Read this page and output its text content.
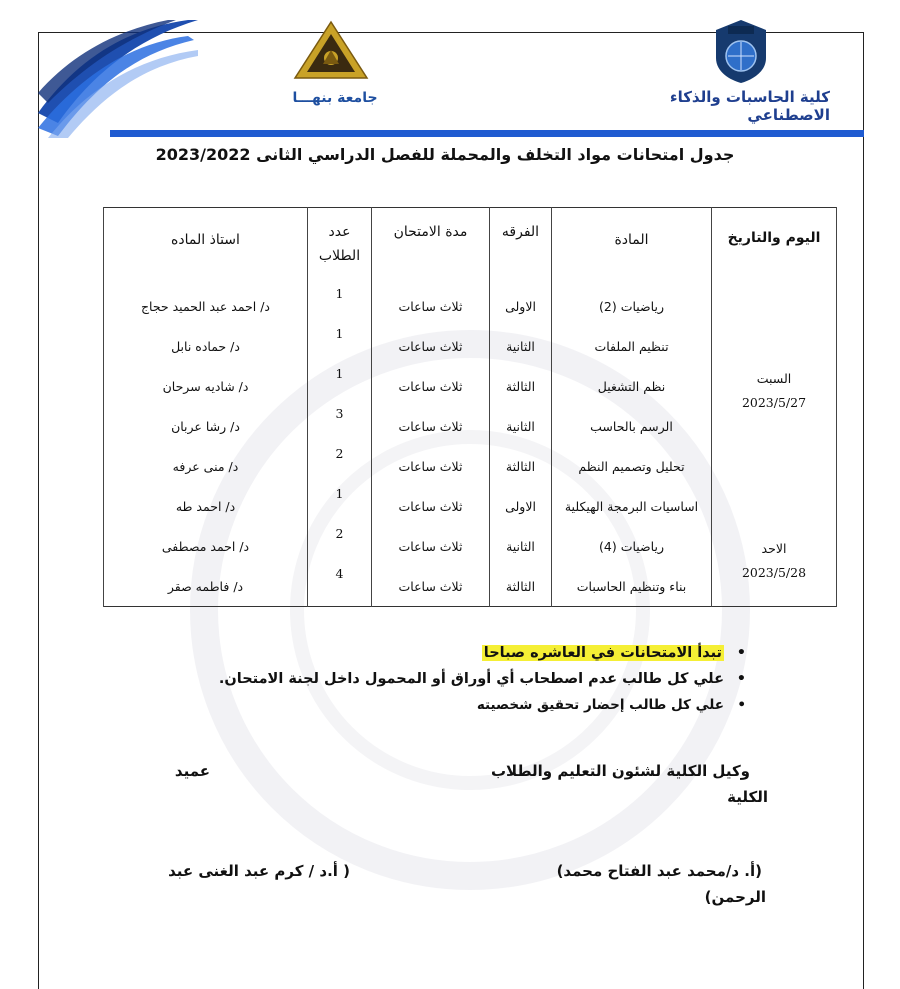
جامعة بنهـــا	كلية الحاسبات والذكاء الاصطناعي
جدول امتحانات مواد التخلف والمحملة للفصل الدراسي الثانى 2023/2022
اليوم والتاريخ	المادة	الفرقه	مدة الامتحان	عدد الطلاب	استاذ الماده

السبت
2023/5/27	رياضيات (2)	الاولى	ثلاث ساعات	1	د/ احمد عبد الحميد حجاج
	تنظيم الملفات	الثانية	ثلاث ساعات	1	د/ حماده نابل
	نظم التشغيل	الثالثة	ثلاث ساعات	1	د/ شاديه سرحان
	الرسم بالحاسب	الثانية	ثلاث ساعات	3	د/ رشا عربان

الاحد
2023/5/28	تحليل وتصميم النظم	الثالثة	ثلاث ساعات	2	د/ منى عرفه
	اساسيات البرمجة الهيكلية	الاولى	ثلاث ساعات	1	د/ احمد طه
	رياضيات (4)	الثانية	ثلاث ساعات	2	د/ احمد مصطفى
	بناء وتنظيم الحاسبات	الثالثة	ثلاث ساعات	4	د/ فاطمه صقر
• تبدأ الامتحانات في العاشره صباحا
• علي كل طالب عدم اصطحاب أي أوراق أو المحمول داخل لجنة الامتحان.
• علي كل طالب إحضار تحقيق شخصيته
وكيل الكلية لشئون التعليم والطلاب
عميد
الكلية
(أ. د/محمد عبد الفتاح محمد)
( أ.د / كرم عبد الغنى عبد
الرحمن)
